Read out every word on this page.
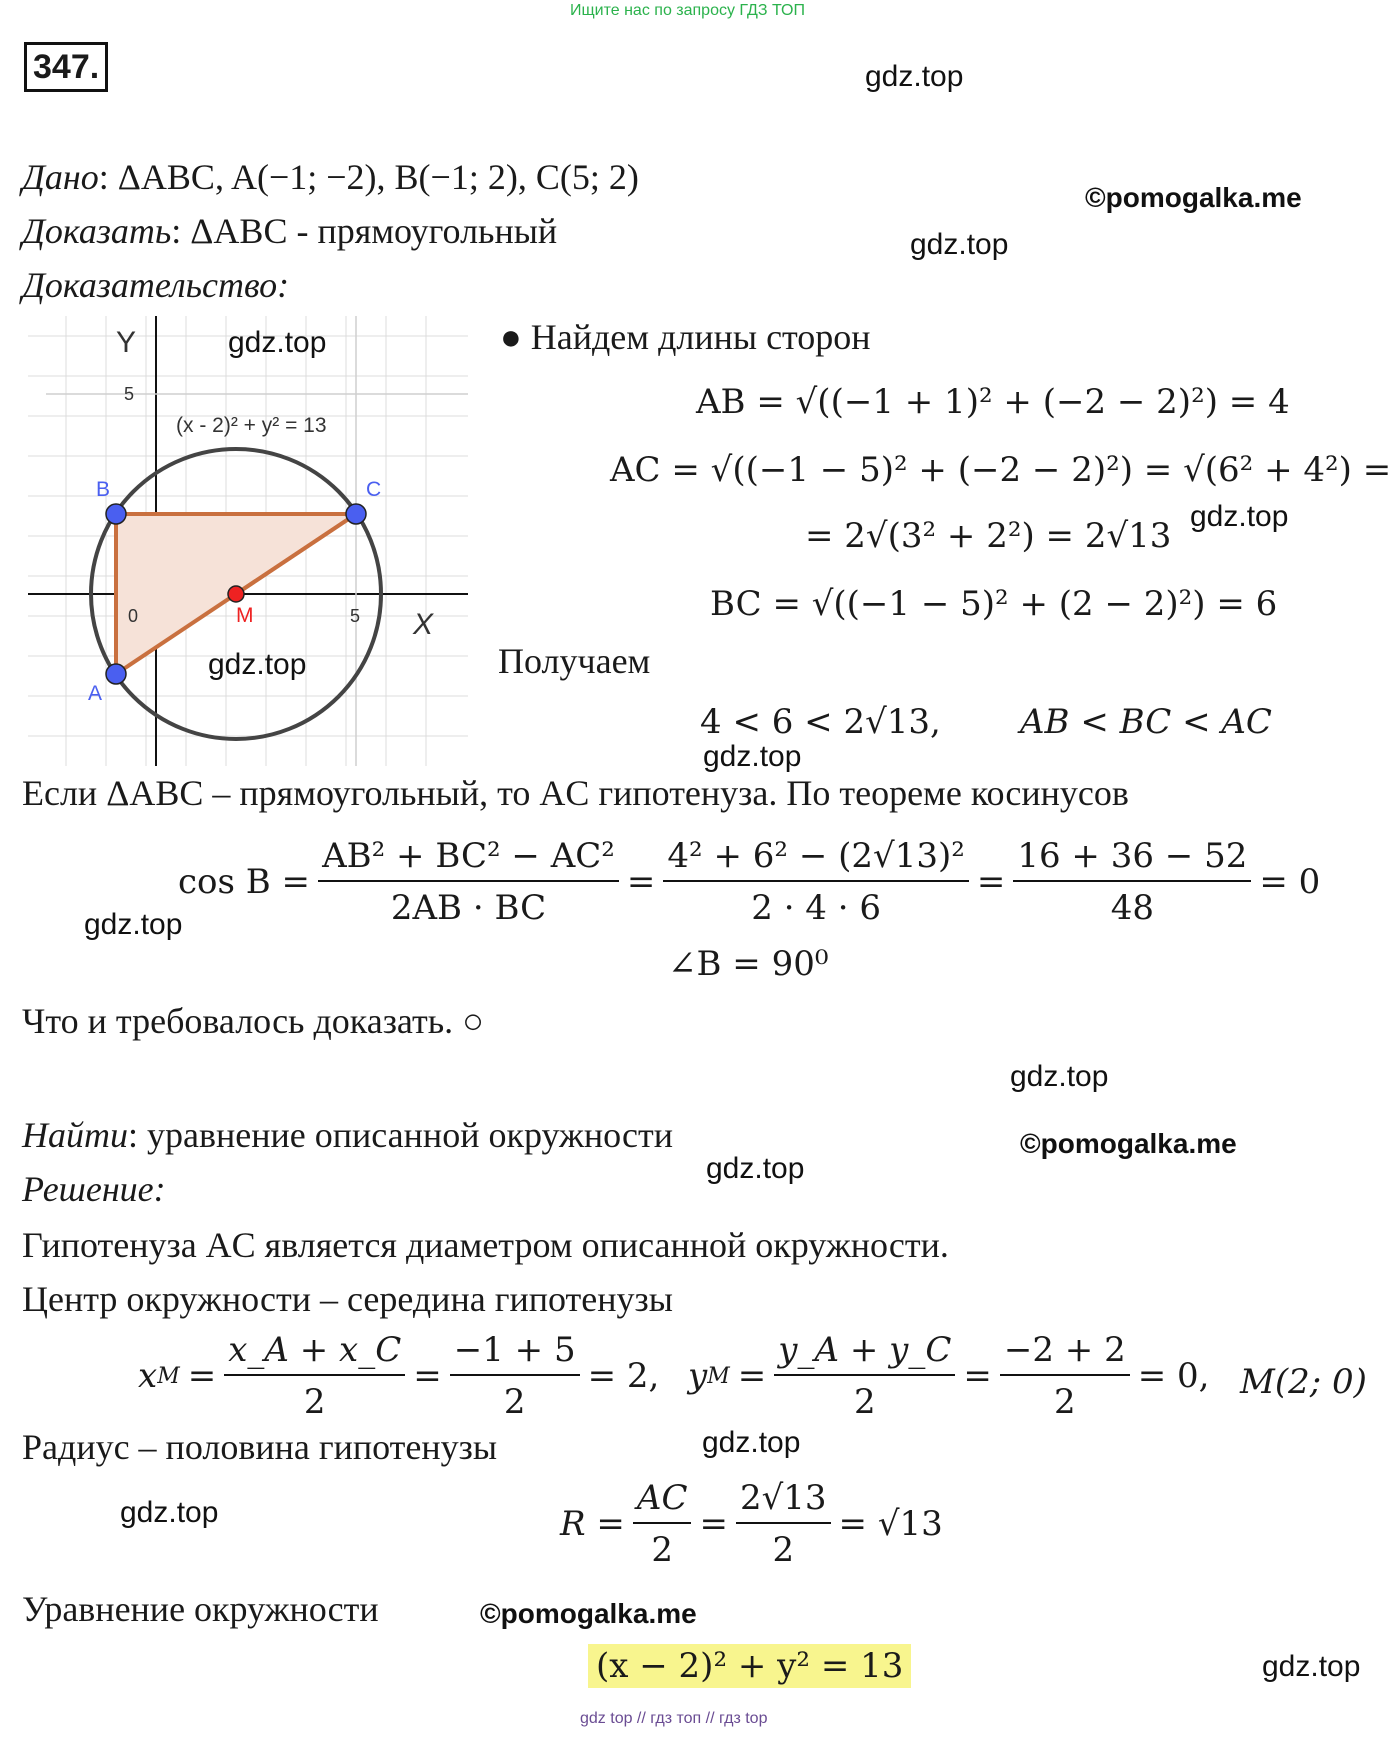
Ищите нас по запросу ГДЗ ТОП
347.	gdz.top
©pomogalka.me
gdz.top
Дано: ΔABC, A(−1; −2), B(−1; 2), C(5; 2)
Доказать: ΔABC - прямоугольный
Доказательство:
Y
X
5
5
0
(x - 2)² + y² = 13
B	C
A
M
gdz.top
gdz.top
● Найдем длины сторон
AB = √((−1 + 1)² + (−2 − 2)²) = 4
AC = √((−1 − 5)² + (−2 − 2)²) = √(6² + 4²) =
= 2√(3² + 2²) = 2√13 gdz.top
BC = √((−1 − 5)² + (2 − 2)²) = 6
Получаем
4 < 6 < 2√13, AB < BC < AC
gdz.top
Если ΔABC – прямоугольный, то AC гипотенуза. По теореме косинусов
$\cos B = \frac{\text{AB² + BC² − AC²}}{2AB \cdot BC} = \frac{\text{4² + 6² − (2√13)²}}{2 \cdot 4 \cdot 6} = \frac{16 + 36 - 52}{48} = 0$
gdz.top
∠B = 90⁰
Что и требовалось доказать. ○
gdz.top
Найти: уравнение описанной окружности	©pomogalka.me
gdz.top
Решение:
Гипотенуза AC является диаметром описанной окружности.
Центр окружности – середина гипотенузы
x $M = \frac{x\_A + x\_C}{2} = \frac{-1 + 5}{2} = 2$, y $M = \frac{y\_A + y\_C}{2} = \frac{-2 + 2}{2} = 0$, M(2; 0)
Радиус – половина гипотенузы	gdz.top
$R = \frac{AC}{2} = \frac{2√13}{2} = √13$
gdz.top
Уравнение окружности	©pomogalka.me
(x − 2)² + y² = 13	gdz.top
gdz top // гдз топ // гдз top
